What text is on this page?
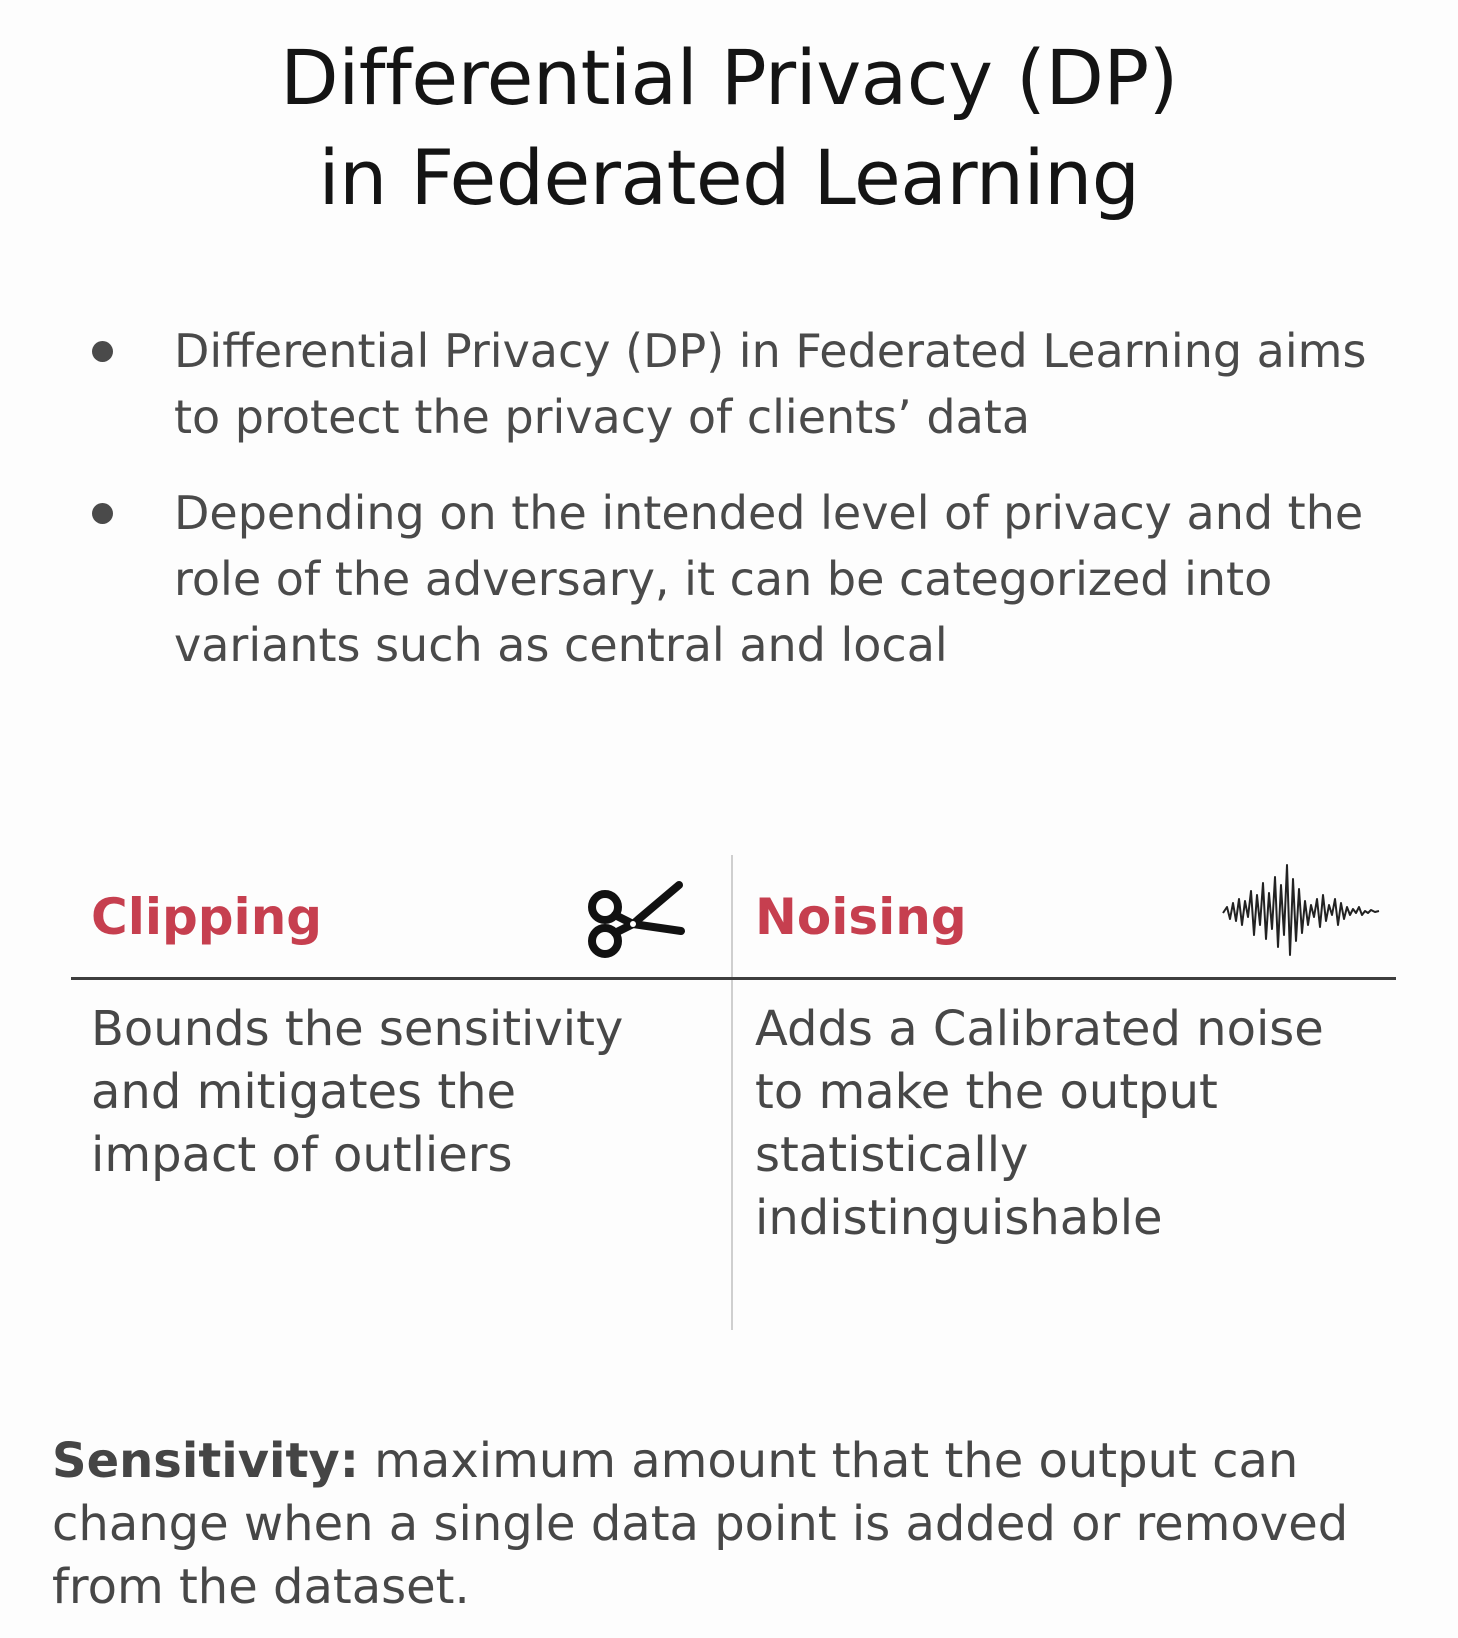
Differential Privacy (DP)
in Federated Learning
Differential Privacy (DP) in Federated Learning aims to protect the privacy of clients’ data
Depending on the intended level of privacy and the role of the adversary, it can be categorized into variants such as central and local
Clipping
Bounds the sensitivity and mitigates the impact of outliers
Noising
Adds a Calibrated noise to make the output statistically indistinguishable

Sensitivity: maximum amount that the output can change when a single data point is added or removed from the dataset.
